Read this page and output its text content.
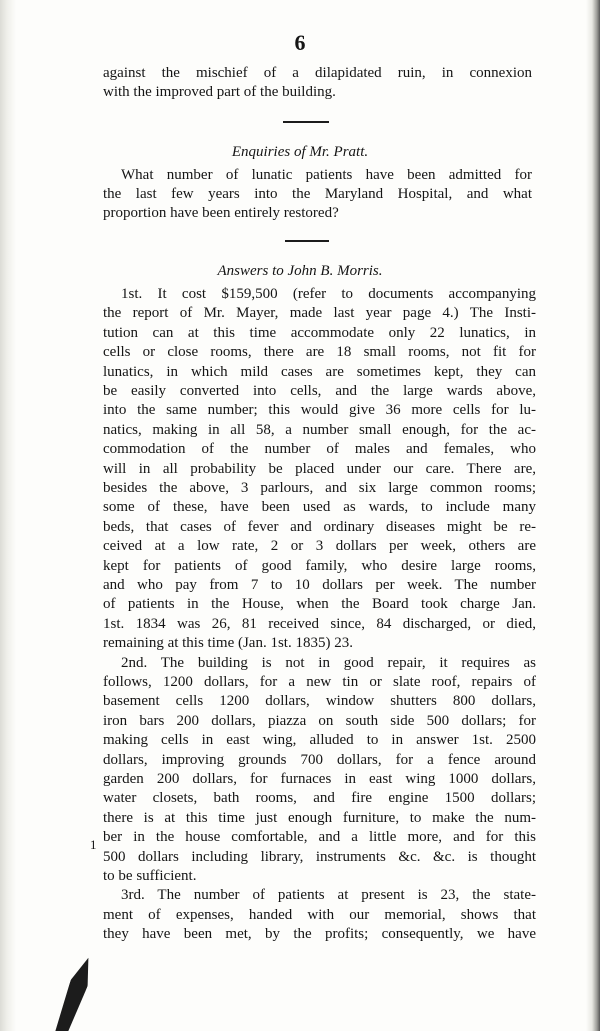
6
against the mischief of a dilapidated ruin, in connexion
with the improved part of the building.
Enquiries of Mr. Pratt.
What number of lunatic patients have been admitted for
the last few years into the Maryland Hospital, and what
proportion have been entirely restored?
Answers to John B. Morris.
1st. It cost $159,500 (refer to documents accompanying
the report of Mr. Mayer, made last year page 4.) The Insti-
tution can at this time accommodate only 22 lunatics, in
cells or close rooms, there are 18 small rooms, not fit for
lunatics, in which mild cases are sometimes kept, they can
be easily converted into cells, and the large wards above,
into the same number; this would give 36 more cells for lu-
natics, making in all 58, a number small enough, for the ac-
commodation of the number of males and females, who
will in all probability be placed under our care. There are,
besides the above, 3 parlours, and six large common rooms;
some of these, have been used as wards, to include many
beds, that cases of fever and ordinary diseases might be re-
ceived at a low rate, 2 or 3 dollars per week, others are
kept for patients of good family, who desire large rooms,
and who pay from 7 to 10 dollars per week. The number
of patients in the House, when the Board took charge Jan.
1st. 1834 was 26, 81 received since, 84 discharged, or died,
remaining at this time (Jan. 1st. 1835) 23.
2nd. The building is not in good repair, it requires as
follows, 1200 dollars, for a new tin or slate roof, repairs of
basement cells 1200 dollars, window shutters 800 dollars,
iron bars 200 dollars, piazza on south side 500 dollars; for
making cells in east wing, alluded to in answer 1st. 2500
dollars, improving grounds 700 dollars, for a fence around
garden 200 dollars, for furnaces in east wing 1000 dollars,
water closets, bath rooms, and fire engine 1500 dollars;
there is at this time just enough furniture, to make the num-
ber in the house comfortable, and a little more, and for this
500 dollars including library, instruments &c. &c. is thought
to be sufficient.
3rd. The number of patients at present is 23, the state-
ment of expenses, handed with our memorial, shows that
they have been met, by the profits; consequently, we have
1
